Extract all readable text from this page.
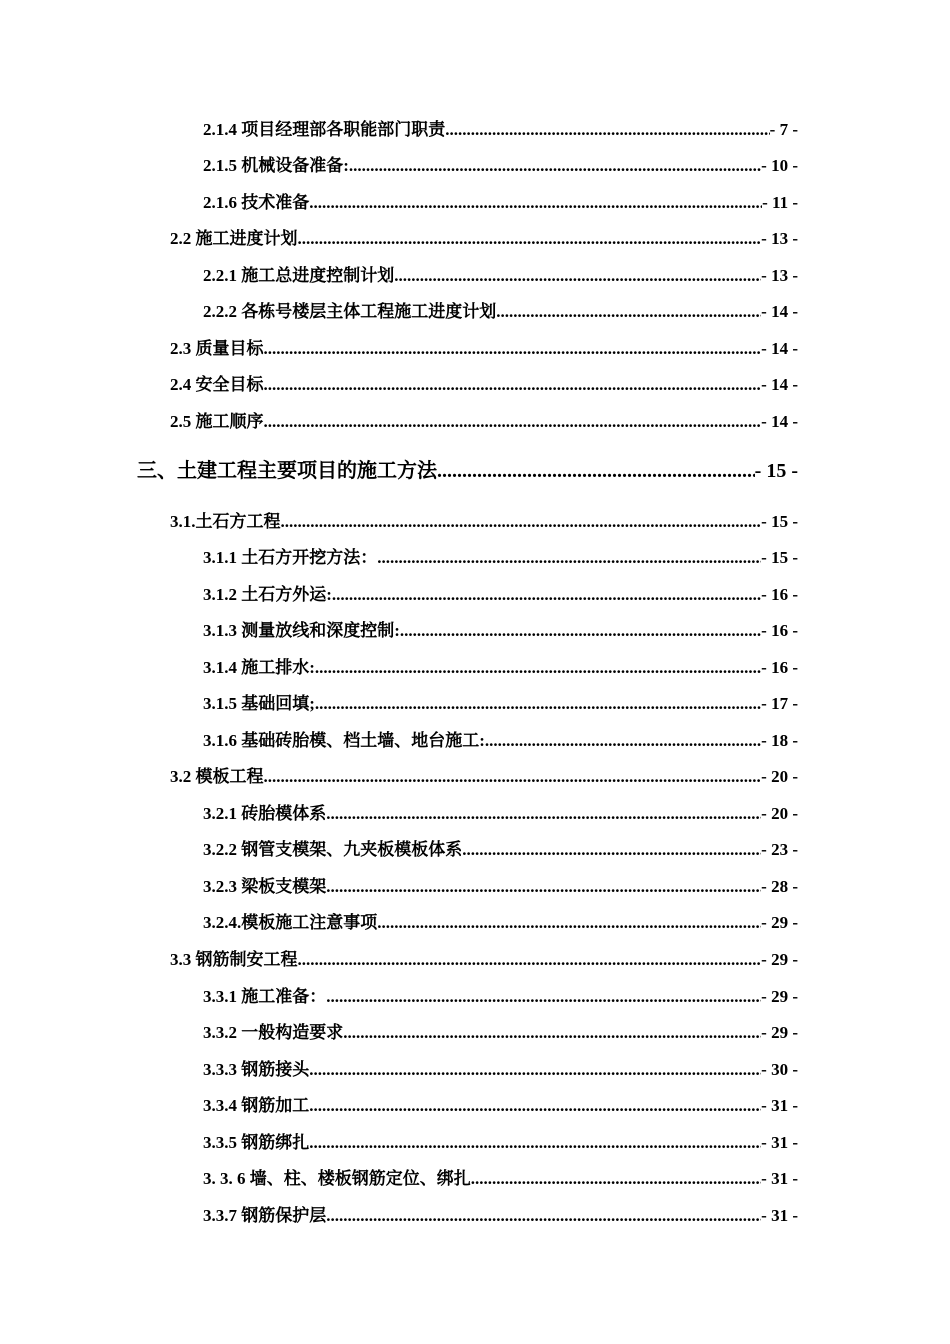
2.1.4 项目经理部各职能部门职责 .....	- 7 -
2.1.5 机械设备准备: .....	- 10 -
2.1.6 技术准备 .....	- 11 -
2.2 施工进度计划 .....	- 13 -
2.2.1 施工总进度控制计划 .....	- 13 -
2.2.2 各栋号楼层主体工程施工进度计划 .....	- 14 -
2.3 质量目标 .....	- 14 -
2.4 安全目标 .....	- 14 -
2.5 施工顺序 .....	- 14 -
三、土建工程主要项目的施工方法 .....	- 15 -
3.1.土石方工程 .....	- 15 -
3.1.1 土石方开挖方法： .....	- 15 -
3.1.2 土石方外运: .....	- 16 -
3.1.3 测量放线和深度控制: .....	- 16 -
3.1.4 施工排水: .....	- 16 -
3.1.5 基础回填; .....	- 17 -
3.1.6 基础砖胎模、档土墙、地台施工: .....	- 18 -
3.2 模板工程 .....	- 20 -
3.2.1 砖胎模体系 .....	- 20 -
3.2.2 钢管支模架、九夹板模板体系 .....	- 23 -
3.2.3 梁板支模架 .....	- 28 -
3.2.4.模板施工注意事项 .....	- 29 -
3.3 钢筋制安工程 .....	- 29 -
3.3.1 施工准备： .....	- 29 -
3.3.2 一般构造要求 .....	- 29 -
3.3.3 钢筋接头 .....	- 30 -
3.3.4 钢筋加工 .....	- 31 -
3.3.5 钢筋绑扎 .....	- 31 -
3. 3. 6 墙、柱、楼板钢筋定位、绑扎 .....	- 31 -
3.3.7 钢筋保护层 .....	- 31 -
